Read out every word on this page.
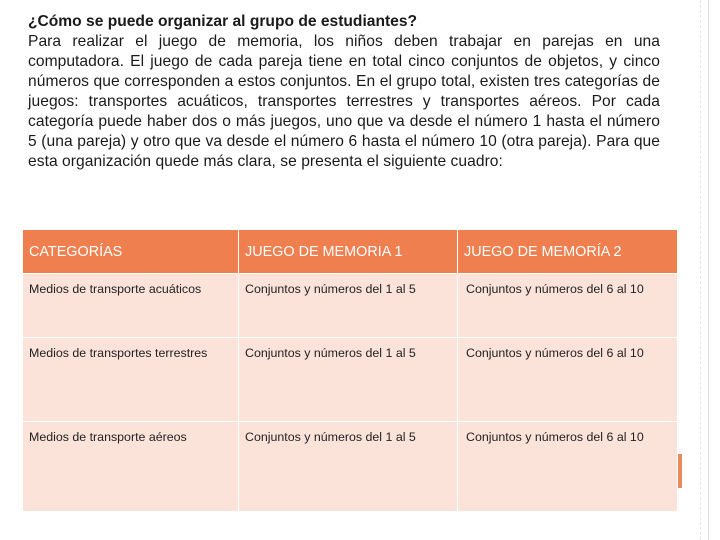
¿Cómo se puede organizar al grupo de estudiantes?

Para realizar el juego de memoria, los niños deben trabajar en parejas en una computadora. El juego de cada pareja tiene en total cinco conjuntos de objetos, y cinco números que corresponden a estos conjuntos. En el grupo total, existen tres categorías de juegos: transportes acuáticos, transportes terrestres y transportes aéreos. Por cada categoría puede haber dos o más juegos, uno que va desde el número 1 hasta el número 5 (una pareja) y otro que va desde el número 6 hasta el número 10 (otra pareja). Para que esta organización quede más clara, se presenta el siguiente cuadro:

CATEGORÍAS	JUEGO DE MEMORIA 1	JUEGO DE MEMORÍA 2
Medios de transporte acuáticos	Conjuntos y números del 1 al 5	Conjuntos y números del 6 al 10
Medios de transportes terrestres	Conjuntos y números del 1 al 5	Conjuntos y números del 6 al 10
Medios de transporte aéreos	Conjuntos y números del 1 al 5	Conjuntos y números del 6 al 10
